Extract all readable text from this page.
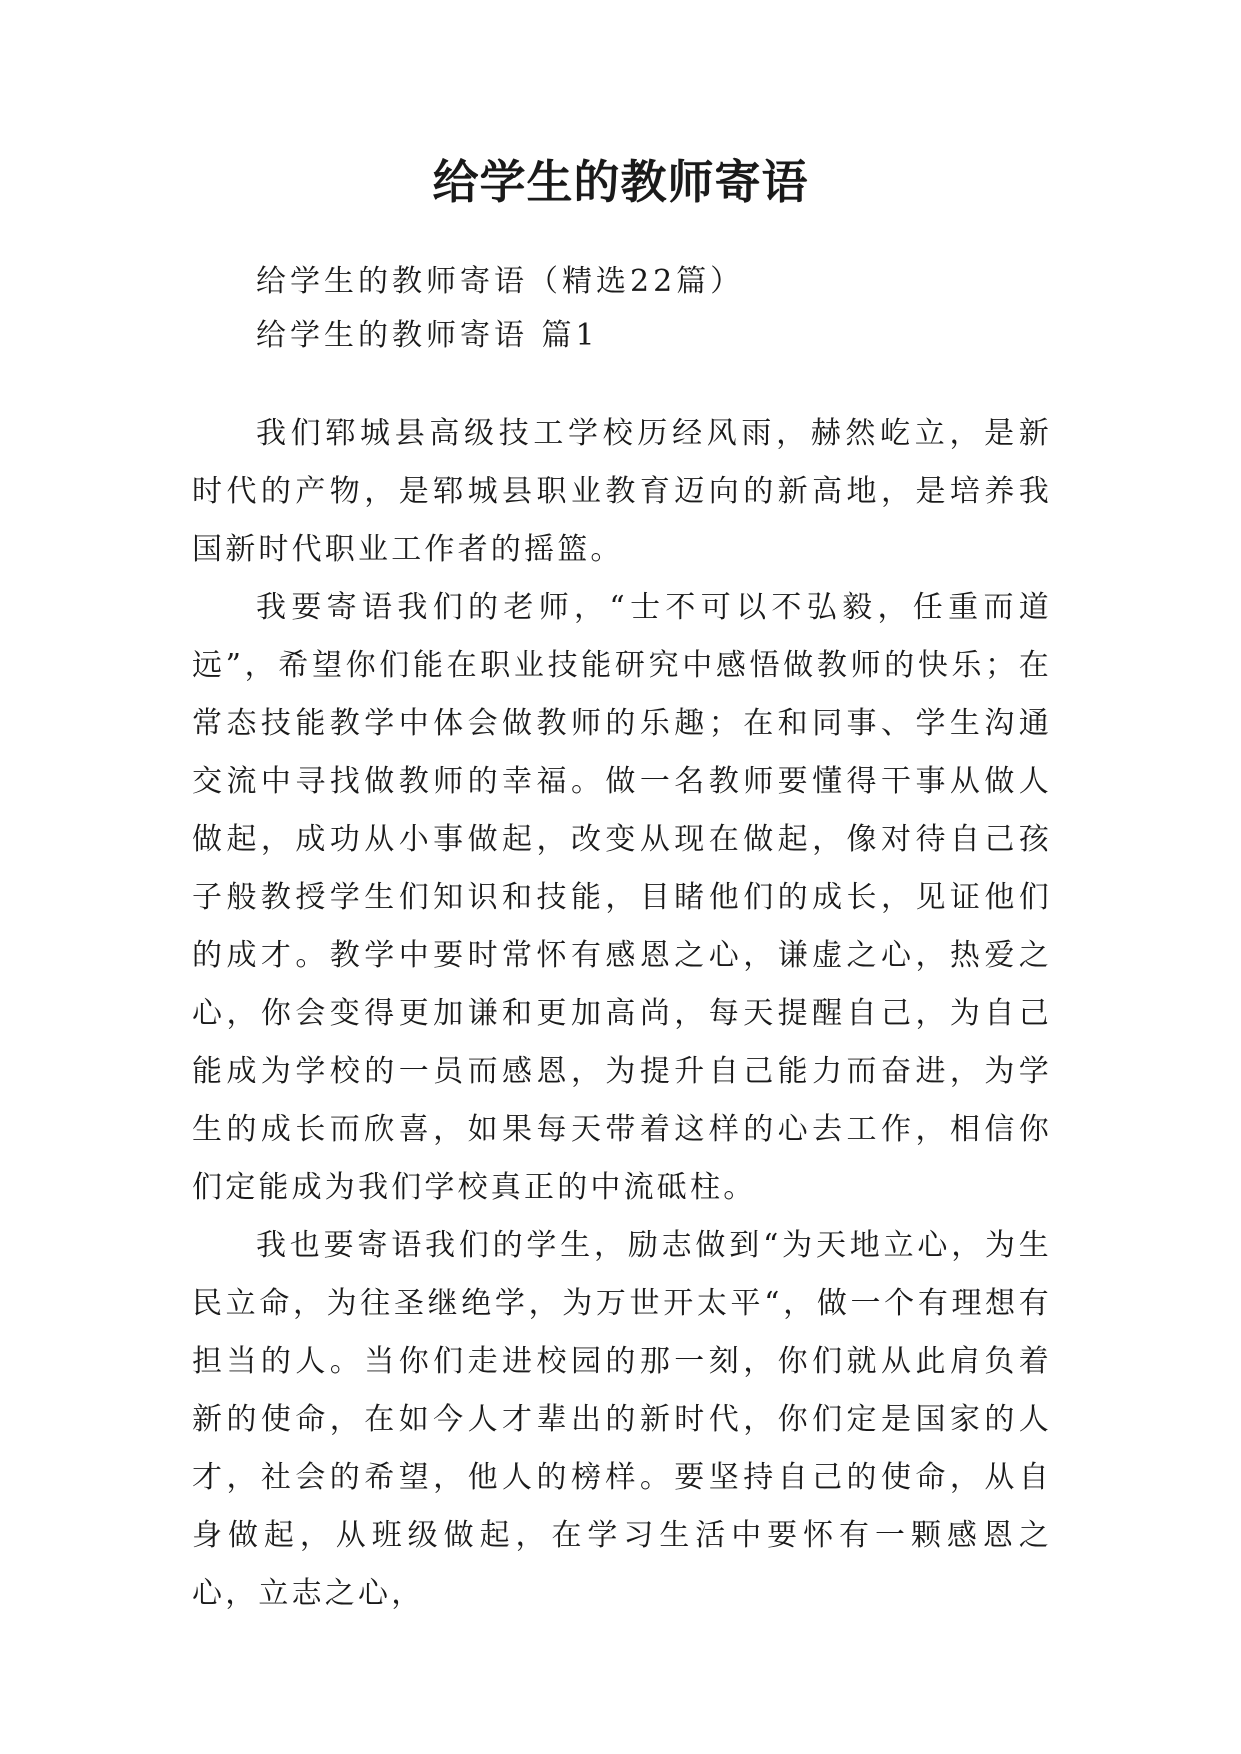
给学生的教师寄语

给学生的教师寄语（精选22篇）

给学生的教师寄语 篇1

我们郓城县高级技工学校历经风雨，赫然屹立，是新时代的产物，是郓城县职业教育迈向的新高地，是培养我国新时代职业工作者的摇篮。

我要寄语我们的老师，“士不可以不弘毅，任重而道远”，希望你们能在职业技能研究中感悟做教师的快乐；在常态技能教学中体会做教师的乐趣；在和同事、学生沟通交流中寻找做教师的幸福。做一名教师要懂得干事从做人做起，成功从小事做起，改变从现在做起，像对待自己孩子般教授学生们知识和技能，目睹他们的成长，见证他们的成才。教学中要时常怀有感恩之心，谦虚之心，热爱之心，你会变得更加谦和更加高尚，每天提醒自己，为自己能成为学校的一员而感恩，为提升自己能力而奋进，为学生的成长而欣喜，如果每天带着这样的心去工作，相信你们定能成为我们学校真正的中流砥柱。

我也要寄语我们的学生，励志做到“为天地立心，为生民立命，为往圣继绝学，为万世开太平“，做一个有理想有担当的人。当你们走进校园的那一刻，你们就从此肩负着新的使命，在如今人才辈出的新时代，你们定是国家的人才，社会的希望，他人的榜样。要坚持自己的使命，从自身做起，从班级做起，在学习生活中要怀有一颗感恩之心，立志之心，
